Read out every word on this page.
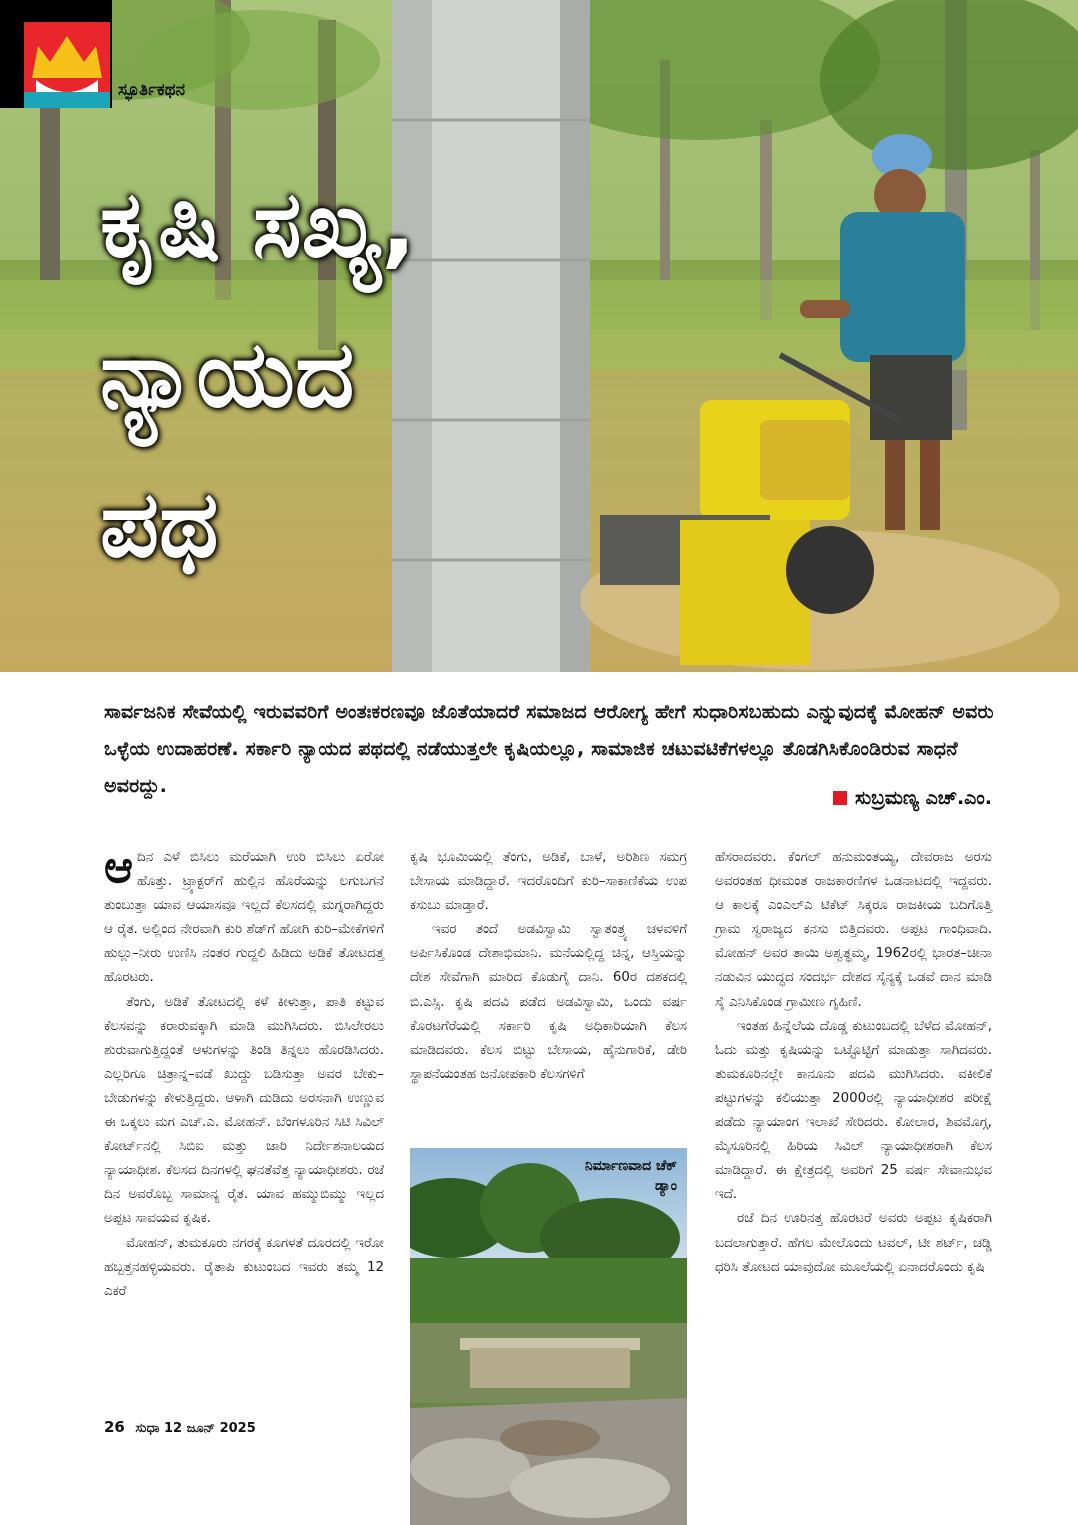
ಸ್ಫೂರ್ತಿಕಥನ
ಕೃಷಿ ಸಖ್ಯ,
ನ್ಯಾಯದ
ಪಥ
ಸಾರ್ವಜನಿಕ ಸೇವೆಯಲ್ಲಿ ಇರುವವರಿಗೆ ಅಂತಃಕರಣವೂ ಜೊತೆಯಾದರೆ ಸಮಾಜದ ಆರೋಗ್ಯ ಹೇಗೆ ಸುಧಾರಿಸಬಹುದು ಎನ್ನುವುದಕ್ಕೆ ಮೋಹನ್ ಅವರು ಒಳ್ಳೆಯ ಉದಾಹರಣೆ. ಸರ್ಕಾರಿ ನ್ಯಾಯದ ಪಥದಲ್ಲಿ ನಡೆಯುತ್ತಲೇ ಕೃಷಿಯಲ್ಲೂ, ಸಾಮಾಜಿಕ ಚಟುವಟಿಕೆಗಳಲ್ಲೂ ತೊಡಗಿಸಿಕೊಂಡಿರುವ ಸಾಧನೆ ಅವರದ್ದು.
ಸುಬ್ರಮಣ್ಯ ಎಚ್‌.ಎಂ.

ಆದಿನ ಎಳೆ ಬಿಸಿಲು ಮರೆಯಾಗಿ ಉರಿ ಬಿಸಿಲು ಏರೋ ಹೊತ್ತು. ಟ್ರ್ಯಾಕ್ಟರ್‌ಗೆ ಹುಲ್ಲಿನ ಹೊರೆಯನ್ನು ಲಗುಬಗನೆ ತುಂಬುತ್ತಾ ಯಾವ ಆಯಾಸವೂ ಇಲ್ಲದೆ ಕೆಲಸದಲ್ಲಿ ಮಗ್ನರಾಗಿದ್ದರು ಆ ರೈತ. ಅಲ್ಲಿಂದ ನೇರವಾಗಿ ಕುರಿ ಶೆಡ್‌ಗೆ ಹೋಗಿ ಕುರಿ–ಮೇಕೆಗಳಿಗೆ ಹುಲ್ಲು–ನೀರು ಉಣಿಸಿ ನಂತರ ಗುದ್ದಲಿ ಹಿಡಿದು ಅಡಿಕೆ ತೋಟದತ್ತ ಹೊರಟರು.

ತೆಂಗು, ಅಡಿಕೆ ತೋಟದಲ್ಲಿ ಕಳೆ ಕೀಳುತ್ತಾ, ಪಾತಿ ಕಟ್ಟುವ ಕೆಲಸವನ್ನು ಕರಾರುವಕ್ಕಾಗಿ ಮಾಡಿ ಮುಗಿಸಿದರು. ಬಿಸಿಲೇರಲು ಶುರುವಾಗುತ್ತಿದ್ದಂತೆ ಆಳುಗಳನ್ನು ತಿಂಡಿ ತಿನ್ನಲು ಹೊರಡಿಸಿದರು. ಎಲ್ಲರಿಗೂ ಚಿತ್ರಾನ್ನ–ವಡೆ ಖುದ್ದು ಬಡಿಸುತ್ತಾ ಅವರ ಬೇಕು–ಬೇಡುಗಳನ್ನು ಕೇಳುತ್ತಿದ್ದರು. ಆಳಾಗಿ ದುಡಿದು ಅರಸನಾಗಿ ಉಣ್ಣುವ ಈ ಒಕ್ಕಲು ಮಗ ಎಚ್‌.ಎ. ಮೋಹನ್. ಬೆಂಗಳೂರಿನ ಸಿಟಿ ಸಿವಿಲ್ ಕೋರ್ಟ್‌ನಲ್ಲಿ ಸಿಬಿಐ ಮತ್ತು ಜಾರಿ ನಿರ್ದೇಶನಾಲಯದ ನ್ಯಾಯಾಧೀಶ. ಕೆಲಸದ ದಿನಗಳಲ್ಲಿ ಘನತೆವೆತ್ತ ನ್ಯಾಯಾಧೀಶರು. ರಜೆ ದಿನ ಅವರೊಬ್ಬ ಸಾಮಾನ್ಯ ರೈತ. ಯಾವ ಹಮ್ಮುಬಿಮ್ಮು ಇಲ್ಲದ ಅಪ್ಪಟ ಸಾವಯವ ಕೃಷಿಕ.

ಮೋಹನ್, ತುಮಕೂರು ನಗರಕ್ಕೆ ಕೂಗಳತೆ ದೂರದಲ್ಲಿ ಇರೋ ಹಬ್ಬತ್ತನಹಳ್ಳಿಯವರು. ರೈತಾಪಿ ಕುಟುಂಬದ ಇವರು ತಮ್ಮ 12 ಎಕರೆ

ಕೃಷಿ ಭೂಮಿಯಲ್ಲಿ ತೆಂಗು, ಅಡಿಕೆ, ಬಾಳೆ, ಅರಿಶಿಣ ಸಮಗ್ರ ಬೇಸಾಯ ಮಾಡಿದ್ದಾರೆ. ಇದರೊಂದಿಗೆ ಕುರಿ–ಸಾಕಾಣಿಕೆಯ ಉಪ ಕಸುಬು ಮಾಡ್ತಾರೆ.

ಇವರ ತಂದೆ ಅಡವಿಸ್ವಾಮಿ ಸ್ವಾತಂತ್ರ್ಯ ಚಳವಳಿಗೆ ಅರ್ಪಿಸಿಕೊಂಡ ದೇಶಾಭಿಮಾನಿ. ಮನೆಯಲ್ಲಿದ್ದ ಚಿನ್ನ, ಆಸ್ತಿಯನ್ನು ದೇಶ ಸೇವೆಗಾಗಿ ಮಾರಿದ ಕೊಡುಗೈ ದಾನಿ. 60ರ ದಶಕದಲ್ಲಿ ಬಿ.ಎಸ್ಸಿ. ಕೃಷಿ ಪದವಿ ಪಡೆದ ಅಡವಿಸ್ವಾಮಿ, ಒಂದು ವರ್ಷ ಕೊರಟಗೆರೆಯಲ್ಲಿ ಸರ್ಕಾರಿ ಕೃಷಿ ಅಧಿಕಾರಿಯಾಗಿ ಕೆಲಸ ಮಾಡಿದವರು. ಕೆಲಸ ಬಿಟ್ಟು ಬೇಸಾಯ, ಹೈನುಗಾರಿಕೆ, ಡೇರಿ ಸ್ಥಾಪನೆಯಂತಹ ಜನೋಪಕಾರಿ ಕೆಲಸಗಳಿಗೆ

ನಿರ್ಮಾಣವಾದ ಚೆಕ್ ಡ್ಯಾಂ

ಹೆಸರಾದವರು. ಕೆಂಗಲ್ ಹನುಮಂತಯ್ಯ, ದೇವರಾಜ ಅರಸು ಅವರಂತಹ ಧೀಮಂತ ರಾಜಕಾರಣಿಗಳ ಒಡನಾಟದಲ್ಲಿ ಇದ್ದವರು. ಆ ಕಾಲಕ್ಕೆ ಎಂಎಲ್‌ಎ ಟಿಕೆಟ್ ಸಿಕ್ಕರೂ ರಾಜಕೀಯ ಬದಿಗೊತ್ತಿ ಗ್ರಾಮ ಸ್ವರಾಜ್ಯದ ಕನಸು ಬಿತ್ತಿದವರು. ಅಪ್ಪಟ ಗಾಂಧಿವಾದಿ. ಮೋಹನ್ ಅವರ ತಾಯಿ ಅಶ್ವತ್ಥಮ್ಮ, 1962ರಲ್ಲಿ ಭಾರತ–ಚೀನಾ ನಡುವಿನ ಯುದ್ಧದ ಸಂದರ್ಭ ದೇಶದ ಸೈನ್ಯಕ್ಕೆ ಒಡವೆ ದಾನ ಮಾಡಿ ಸೈ ಎನಿಸಿಕೊಂಡ ಗ್ರಾಮೀಣ ಗೃಹಿಣಿ.

ಇಂತಹ ಹಿನ್ನೆಲೆಯ ದೊಡ್ಡ ಕುಟುಂಬದಲ್ಲಿ ಬೆಳೆದ ಮೋಹನ್, ಓದು ಮತ್ತು ಕೃಷಿಯನ್ನು ಒಟ್ಟೊಟ್ಟಿಗೆ ಮಾಡುತ್ತಾ ಸಾಗಿದವರು. ತುಮಕೂರಿನಲ್ಲೇ ಕಾನೂನು ಪದವಿ ಮುಗಿಸಿದರು. ವಕೀಲಿಕೆ ಪಟ್ಟುಗಳನ್ನು ಕಲಿಯುತ್ತಾ 2000ರಲ್ಲಿ ನ್ಯಾಯಾಧೀಶರ ಪರೀಕ್ಷೆ ಪಡೆದು ನ್ಯಾಯಾಂಗ ಇಲಾಖೆ ಸೇರಿದರು. ಕೋಲಾರ, ಶಿವಮೊಗ್ಗ, ಮೈಸೂರಿನಲ್ಲಿ ಹಿರಿಯ ಸಿವಿಲ್ ನ್ಯಾಯಾಧೀಶರಾಗಿ ಕೆಲಸ ಮಾಡಿದ್ದಾರೆ. ಈ ಕ್ಷೇತ್ರದಲ್ಲಿ ಅವರಿಗೆ 25 ವರ್ಷ ಸೇವಾನುಭವ ಇದೆ.

ರಜೆ ದಿನ ಊರಿನತ್ತ ಹೊರಟರೆ ಅವರು ಅಪ್ಪಟ ಕೃಷಿಕರಾಗಿ ಬದಲಾಗುತ್ತಾರೆ. ಹೆಗಲ ಮೇಲೊಂದು ಟವಲ್, ಟೀ ಶರ್ಟ್, ಚಡ್ಡಿ ಧರಿಸಿ ತೋಟದ ಯಾವುದೋ ಮೂಲೆಯಲ್ಲಿ ಏನಾದರೊಂದು ಕೃಷಿ

26 ಸುಧಾ 12 ಜೂನ್ 2025
